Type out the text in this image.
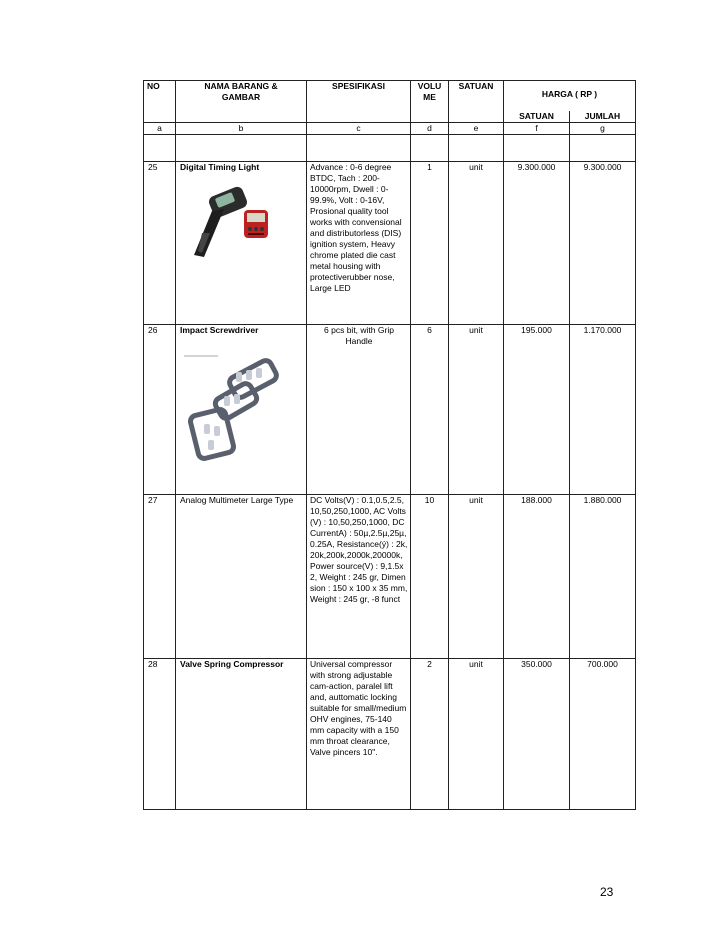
NO	NAMA BARANG & GAMBAR	SPESIFIKASI	VOLU ME	SATUAN	HARGA ( RP )	
					SATUAN	JUMLAH
a	b	c	d	e	f	g

25	Digital Timing Light	Advance : 0-6 degree BTDC, Tach : 200-10000rpm, Dwell : 0-99.9%, Volt : 0-16V, Prosional quality tool works with convensional and distributorless (DIS) ignition system, Heavy chrome plated die cast metal housing with protectiverubber nose, Large LED	1	unit	9.300.000	9.300.000
26	Impact Screwdriver	6 pcs bit, with Grip Handle	6	unit	195.000	1.170.000
27	Analog Multimeter Large Type	DC Volts(V) : 0.1,0.5,2.5,10,50,250,1000, AC Volts(V) : 10,50,250,1000, DC CurrentA) : 50µ,2.5µ,25µ,0.25A, Resistance(ý) : 2k,20k,200k,2000k,20000k, Power source(V) : 9,1.5x2, Weight : 245 gr, Dimension : 150 x 100 x 35 mm, Weight : 245 gr, -8 funct	10	unit	188.000	1.880.000
28	Valve Spring Compressor	Universal compressor with strong adjustable cam-action, paralel lift and, auttomatic locking suitable for small/medium OHV engines, 75-140 mm capacity with a 150 mm throat clearance, Valve pincers 10".	2	unit	350.000	700.000
23
